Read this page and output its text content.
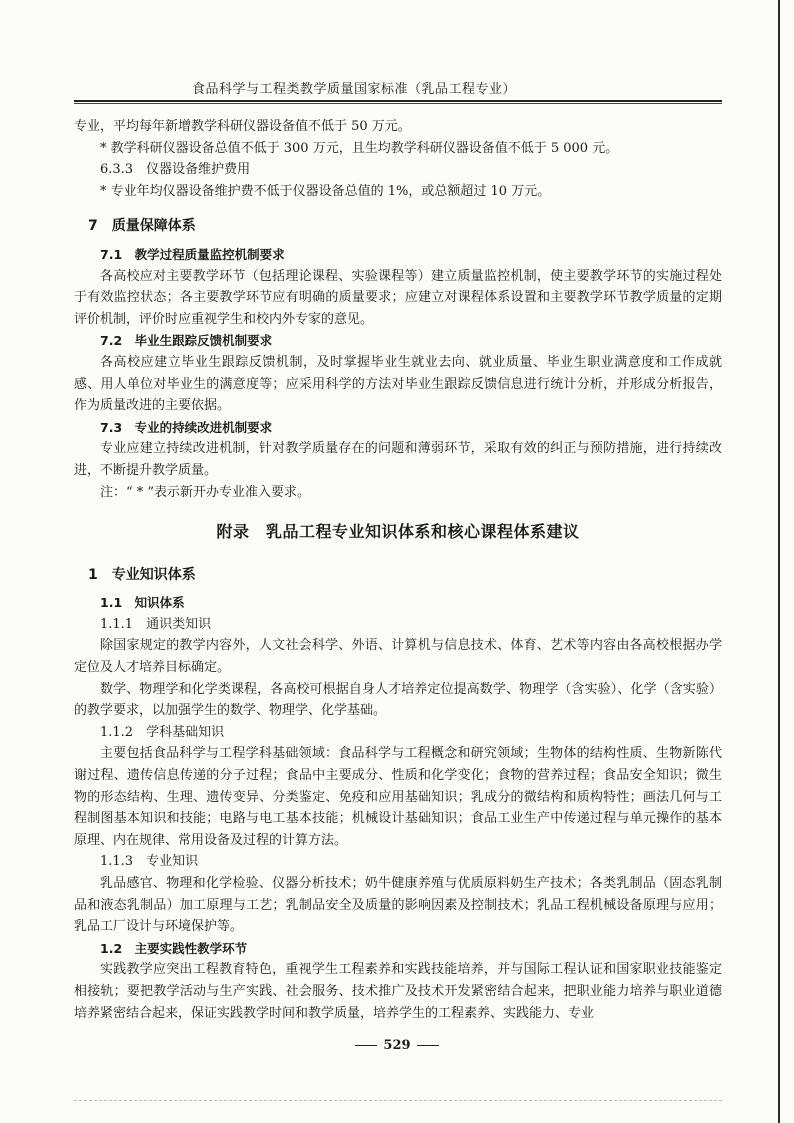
食品科学与工程类教学质量国家标准（乳品工程专业）

专业，平均每年新增教学科研仪器设备值不低于 50 万元。

* 教学科研仪器设备总值不低于 300 万元，且生均教学科研仪器设备值不低于 5 000 元。

6.3.3　仪器设备维护费用

* 专业年均仪器设备维护费不低于仪器设备总值的 1%，或总额超过 10 万元。

7　质量保障体系
7.1　教学过程质量监控机制要求

各高校应对主要教学环节（包括理论课程、实验课程等）建立质量监控机制，使主要教学环节的实施过程处于有效监控状态；各主要教学环节应有明确的质量要求；应建立对课程体系设置和主要教学环节教学质量的定期评价机制，评价时应重视学生和校内外专家的意见。

7.2　毕业生跟踪反馈机制要求

各高校应建立毕业生跟踪反馈机制，及时掌握毕业生就业去向、就业质量、毕业生职业满意度和工作成就感、用人单位对毕业生的满意度等；应采用科学的方法对毕业生跟踪反馈信息进行统计分析，并形成分析报告，作为质量改进的主要依据。

7.3　专业的持续改进机制要求

专业应建立持续改进机制，针对教学质量存在的问题和薄弱环节，采取有效的纠正与预防措施，进行持续改进，不断提升教学质量。

注：“ * ”表示新开办专业准入要求。

附录　乳品工程专业知识体系和核心课程体系建议
1　专业知识体系
1.1　知识体系

1.1.1　通识类知识

除国家规定的教学内容外，人文社会科学、外语、计算机与信息技术、体育、艺术等内容由各高校根据办学定位及人才培养目标确定。

数学、物理学和化学类课程，各高校可根据自身人才培养定位提高数学、物理学（含实验）、化学（含实验）的教学要求，以加强学生的数学、物理学、化学基础。

1.1.2　学科基础知识

主要包括食品科学与工程学科基础领域：食品科学与工程概念和研究领域；生物体的结构性质、生物新陈代谢过程、遗传信息传递的分子过程；食品中主要成分、性质和化学变化；食物的营养过程；食品安全知识；微生物的形态结构、生理、遗传变异、分类鉴定、免疫和应用基础知识；乳成分的微结构和质构特性；画法几何与工程制图基本知识和技能；电路与电工基本技能；机械设计基础知识；食品工业生产中传递过程与单元操作的基本原理、内在规律、常用设备及过程的计算方法。

1.1.3　专业知识

乳品感官、物理和化学检验、仪器分析技术；奶牛健康养殖与优质原料奶生产技术；各类乳制品（固态乳制品和液态乳制品）加工原理与工艺；乳制品安全及质量的影响因素及控制技术；乳品工程机械设备原理与应用；乳品工厂设计与环境保护等。

1.2　主要实践性教学环节

实践教学应突出工程教育特色，重视学生工程素养和实践技能培养，并与国际工程认证和国家职业技能鉴定相接轨；要把教学活动与生产实践、社会服务、技术推广及技术开发紧密结合起来，把职业能力培养与职业道德培养紧密结合起来，保证实践教学时间和教学质量，培养学生的工程素养、实践能力、专业

529
